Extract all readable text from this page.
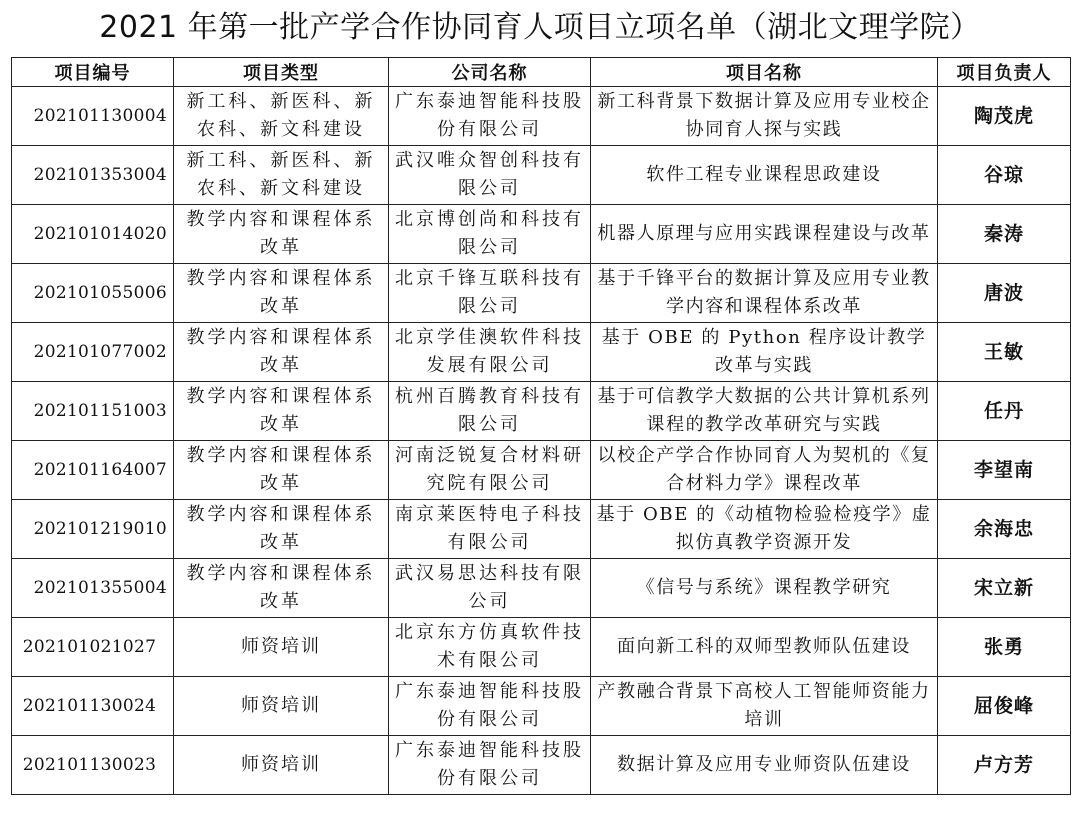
2021 年第一批产学合作协同育人项目立项名单（湖北文理学院）
项目编号	项目类型	公司名称	项目名称	项目负责人
202101130004	新工科、新医科、新农科、新文科建设	广东泰迪智能科技股份有限公司	新工科背景下数据计算及应用专业校企协同育人探与实践	陶茂虎
202101353004	新工科、新医科、新农科、新文科建设	武汉唯众智创科技有限公司	软件工程专业课程思政建设	谷琼
202101014020	教学内容和课程体系改革	北京博创尚和科技有限公司	机器人原理与应用实践课程建设与改革	秦涛
202101055006	教学内容和课程体系改革	北京千锋互联科技有限公司	基于千锋平台的数据计算及应用专业教学内容和课程体系改革	唐波
202101077002	教学内容和课程体系改革	北京学佳澳软件科技发展有限公司	基于 OBE 的 Python 程序设计教学改革与实践	王敏
202101151003	教学内容和课程体系改革	杭州百腾教育科技有限公司	基于可信教学大数据的公共计算机系列课程的教学改革研究与实践	任丹
202101164007	教学内容和课程体系改革	河南泛锐复合材料研究院有限公司	以校企产学合作协同育人为契机的《复合材料力学》课程改革	李望南
202101219010	教学内容和课程体系改革	南京莱医特电子科技有限公司	基于 OBE 的《动植物检验检疫学》虚拟仿真教学资源开发	余海忠
202101355004	教学内容和课程体系改革	武汉易思达科技有限公司	《信号与系统》课程教学研究	宋立新
202101021027	师资培训	北京东方仿真软件技术有限公司	面向新工科的双师型教师队伍建设	张勇
202101130024	师资培训	广东泰迪智能科技股份有限公司	产教融合背景下高校人工智能师资能力培训	屈俊峰
202101130023	师资培训	广东泰迪智能科技股份有限公司	数据计算及应用专业师资队伍建设	卢方芳
